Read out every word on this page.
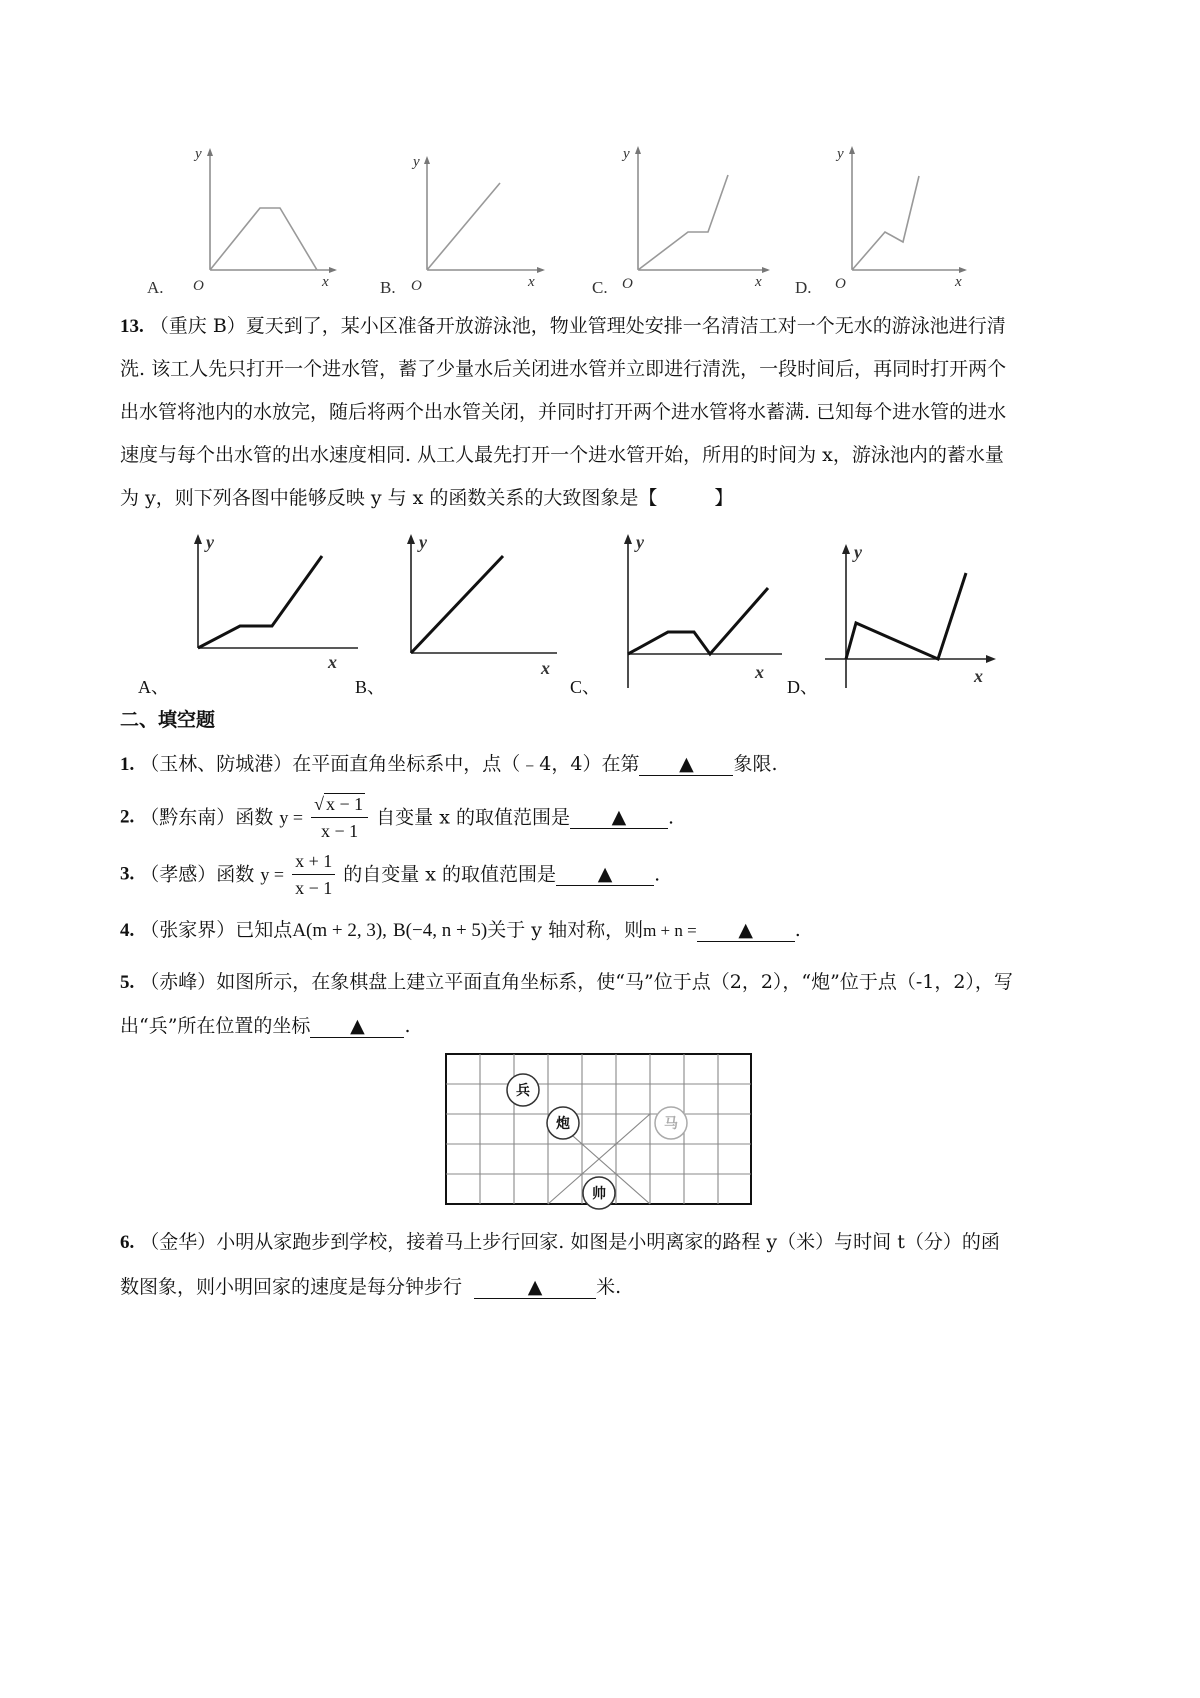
y
x
O
A.
y
x
O
B.
y
x
O
C.
y
x
O
D.
13. （重庆 B）夏天到了，某小区准备开放游泳池，物业管理处安排一名清洁工对一个无水的游泳池进行清
洗. 该工人先只打开一个进水管，蓄了少量水后关闭进水管并立即进行清洗，一段时间后，再同时打开两个
出水管将池内的水放完，随后将两个出水管关闭，并同时打开两个进水管将水蓄满. 已知每个进水管的进水
速度与每个出水管的出水速度相同. 从工人最先打开一个进水管开始，所用的时间为 x，游泳池内的蓄水量
为 y，则下列各图中能够反映 y 与 x 的函数关系的大致图象是【　　　】
y
x
A、
y
x
B、
y
x
C、
y
x
D、
二、填空题
1. （玉林、防城港）在平面直角坐标系中，点（﹣4，4）在第 ▲ 象限.
2. （黔东南）函数 $y = \frac{√ x - 1}{x - 1}$ 自变量 x 的取值范围是 ▲ .
3. （孝感）函数 $y = \frac{x + 1}{x - 1}$ 的自变量 x 的取值范围是 ▲ .
4. （张家界）已知点A(m + 2, 3), B(−4, n + 5)关于 y 轴对称，则m + n = ▲ .
5. （赤峰）如图所示，在象棋盘上建立平面直角坐标系，使“马”位于点（2，2），“炮”位于点（-1，2），写
出“兵”所在位置的坐标 ▲ .
兵
炮	马
帅
6. （金华）小明从家跑步到学校，接着马上步行回家. 如图是小明离家的路程 y（米）与时间 t（分）的函
数图象，则小明回家的速度是每分钟步行	▲	米.
